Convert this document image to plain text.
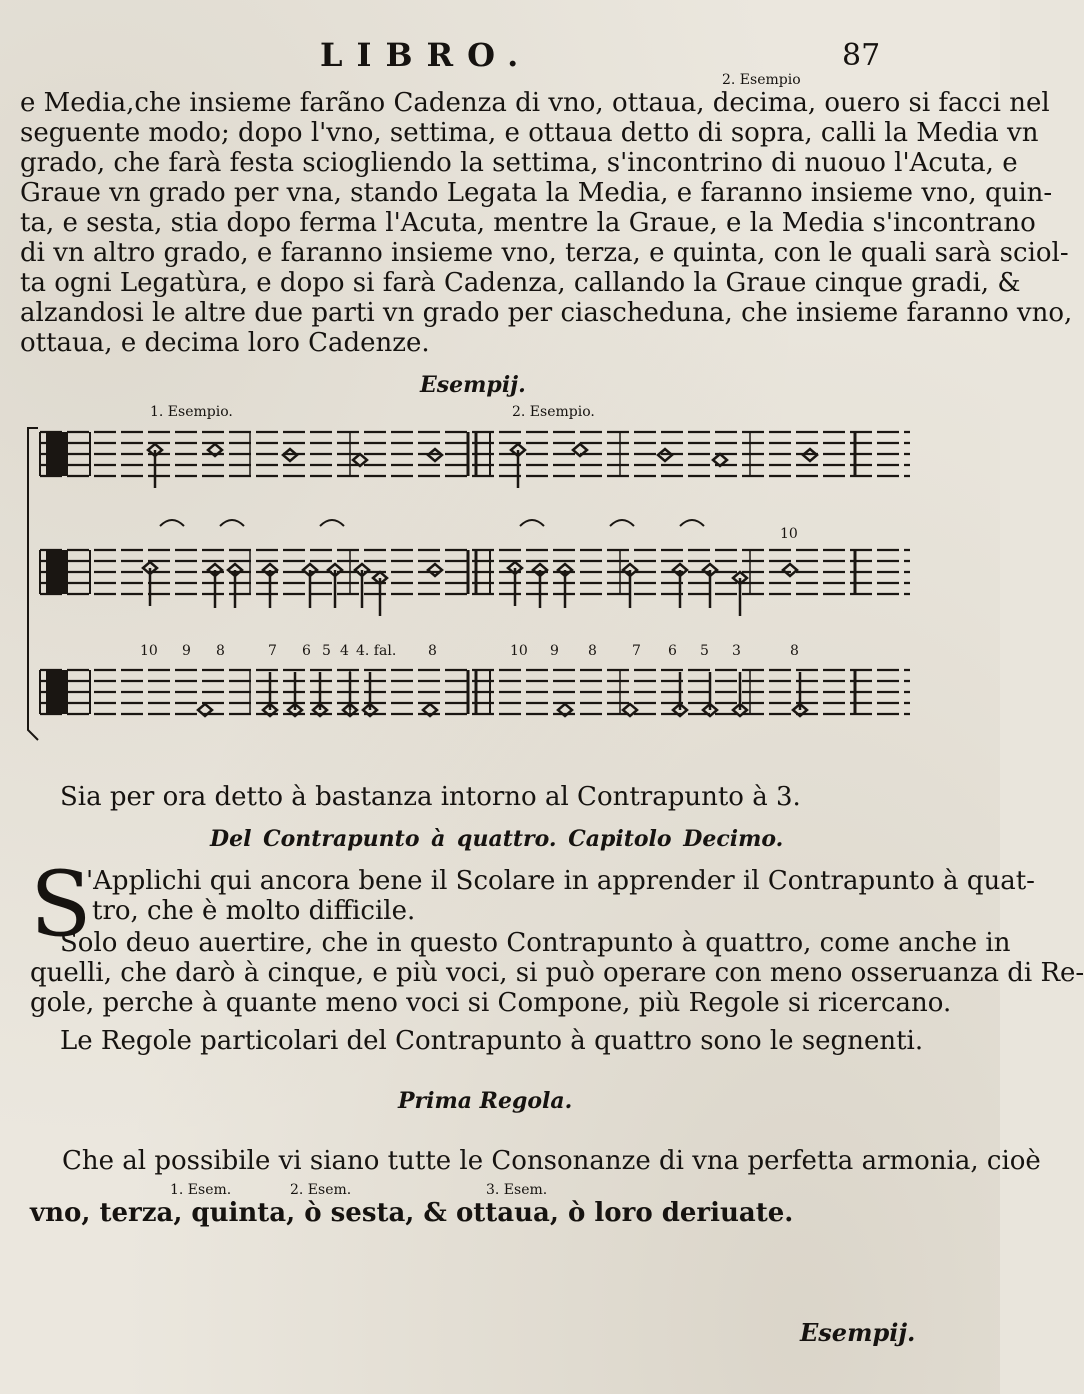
LIBRO.	87
2. Esempio
e Media,che insieme farãno Cadenza di vno, ottaua, decima, ouero si facci nel
seguente modo; dopo l'vno, settima, e ottaua detto di sopra, calli la Media vn
grado, che farà festa sciogliendo la settima, s'incontrino di nuouo l'Acuta, e
Graue vn grado per vna, stando Legata la Media, e faranno insieme vno, quin-
ta, e sesta, stia dopo ferma l'Acuta, mentre la Graue, e la Media s'incontrano
di vn altro grado, e faranno insieme vno, terza, e quinta, con le quali sarà sciol-
ta ogni Legatùra, e dopo si farà Cadenza, callando la Graue cinque gradi, &
alzandosi le altre due parti vn grado per ciascheduna, che insieme faranno vno,
ottaua, e decima loro Cadenze.
Esempij.
1. Esempio.	2. Esempio.
10
10 9 8	7 6 5 4 4. fal. 8	10 9 8	7 6 5 3	8
Sia per ora detto à bastanza intorno al Contrapunto à 3.
Del Contrapunto à quattro. Capitolo Decimo.
S
'Applichi qui ancora bene il Scolare in apprender il Contrapunto à quat-
tro, che è molto difficile.
Solo deuo auertire, che in questo Contrapunto à quattro, come anche in
quelli, che darò à cinque, e più voci, si può operare con meno osseruanza di Re-
gole, perche à quante meno voci si Compone, più Regole si ricercano.
Le Regole particolari del Contrapunto à quattro sono le segnenti.
Prima Regola.
Che al possibile vi siano tutte le Consonanze di vna perfetta armonia, cioè
1. Esem.	2. Esem.	3. Esem.
vno, terza, quinta, ò sesta, & ottaua, ò loro deriuate.
Esempij.
